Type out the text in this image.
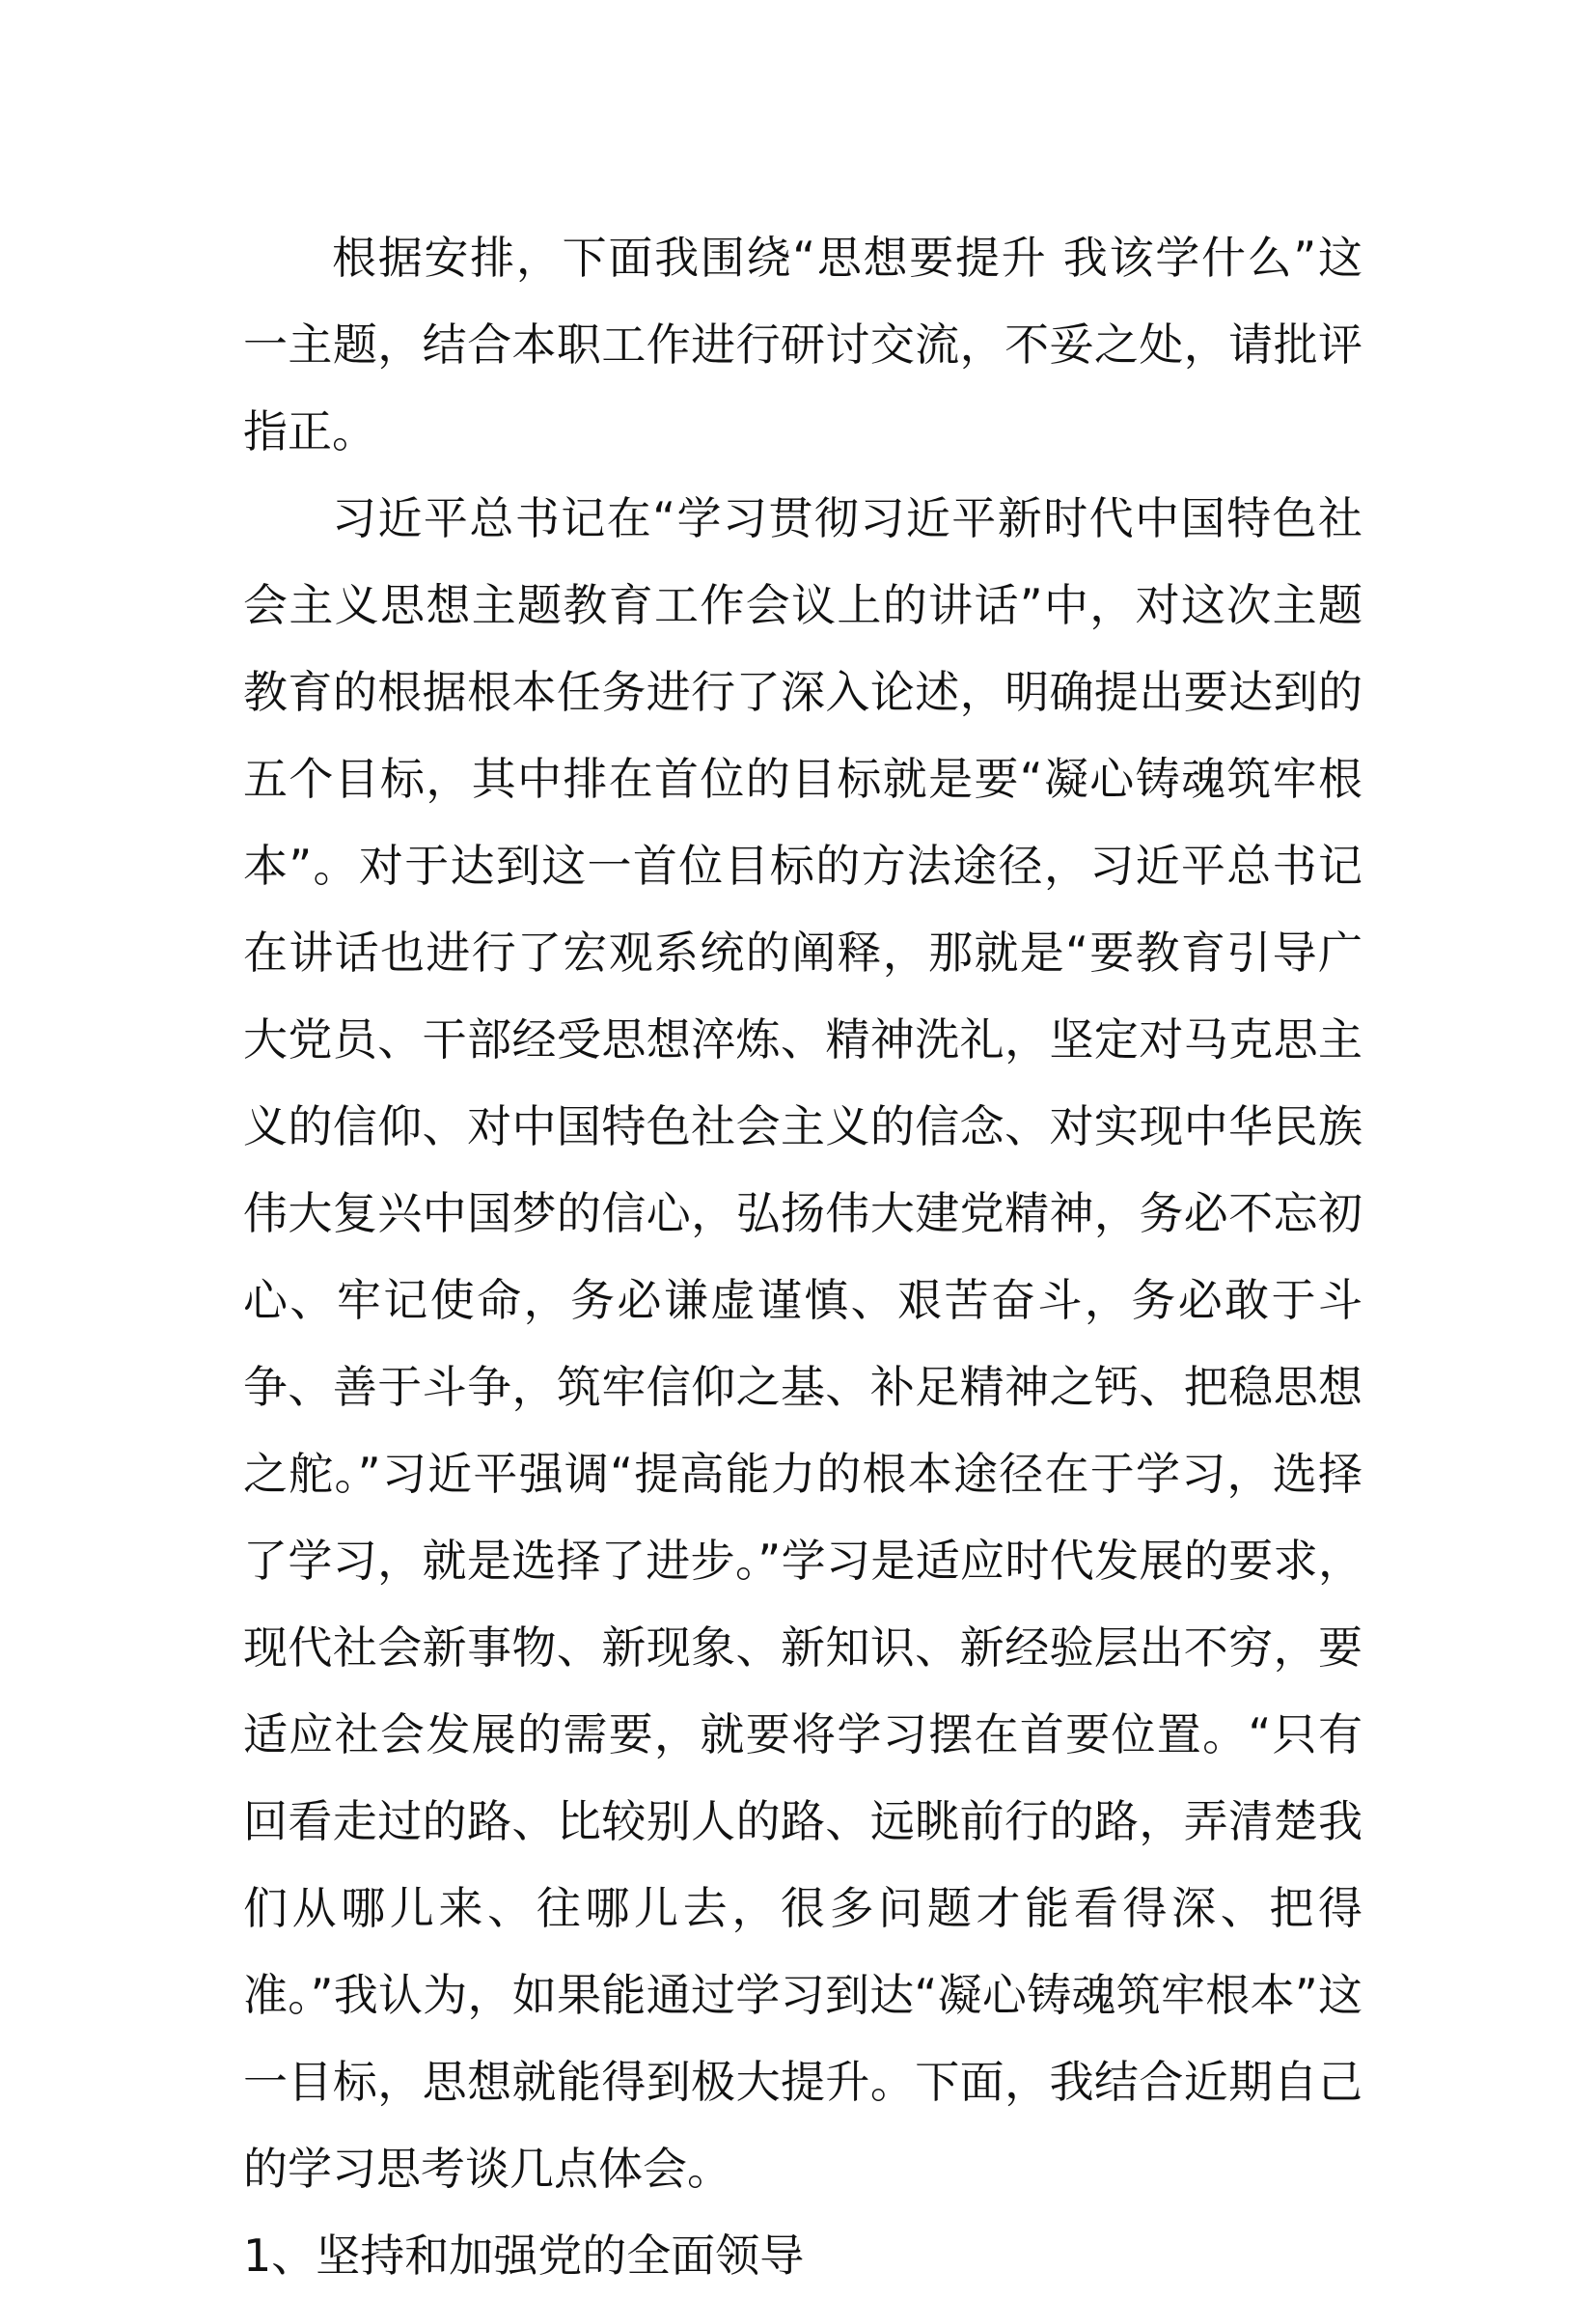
根据安排，下面我围绕“思想要提升 我该学什么”这一主题，结合本职工作进行研讨交流，不妥之处，请批评指正。

习近平总书记在“学习贯彻习近平新时代中国特色社会主义思想主题教育工作会议上的讲话”中，对这次主题教育的根据根本任务进行了深入论述，明确提出要达到的五个目标，其中排在首位的目标就是要“凝心铸魂筑牢根本”。对于达到这一首位目标的方法途径，习近平总书记在讲话也进行了宏观系统的阐释，那就是“要教育引导广大党员、干部经受思想淬炼、精神洗礼，坚定对马克思主义的信仰、对中国特色社会主义的信念、对实现中华民族伟大复兴中国梦的信心，弘扬伟大建党精神，务必不忘初心、牢记使命，务必谦虚谨慎、艰苦奋斗，务必敢于斗争、善于斗争，筑牢信仰之基、补足精神之钙、把稳思想之舵。”习近平强调“提高能力的根本途径在于学习，选择了学习，就是选择了进步。”学习是适应时代发展的要求，现代社会新事物、新现象、新知识、新经验层出不穷，要适应社会发展的需要，就要将学习摆在首要位置。“只有回看走过的路、比较别人的路、远眺前行的路，弄清楚我们从哪儿来、往哪儿去，很多问题才能看得深、把得准。”我认为，如果能通过学习到达“凝心铸魂筑牢根本”这一目标，思想就能得到极大提升。下面，我结合近期自己的学习思考谈几点体会。

1、坚持和加强党的全面领导
